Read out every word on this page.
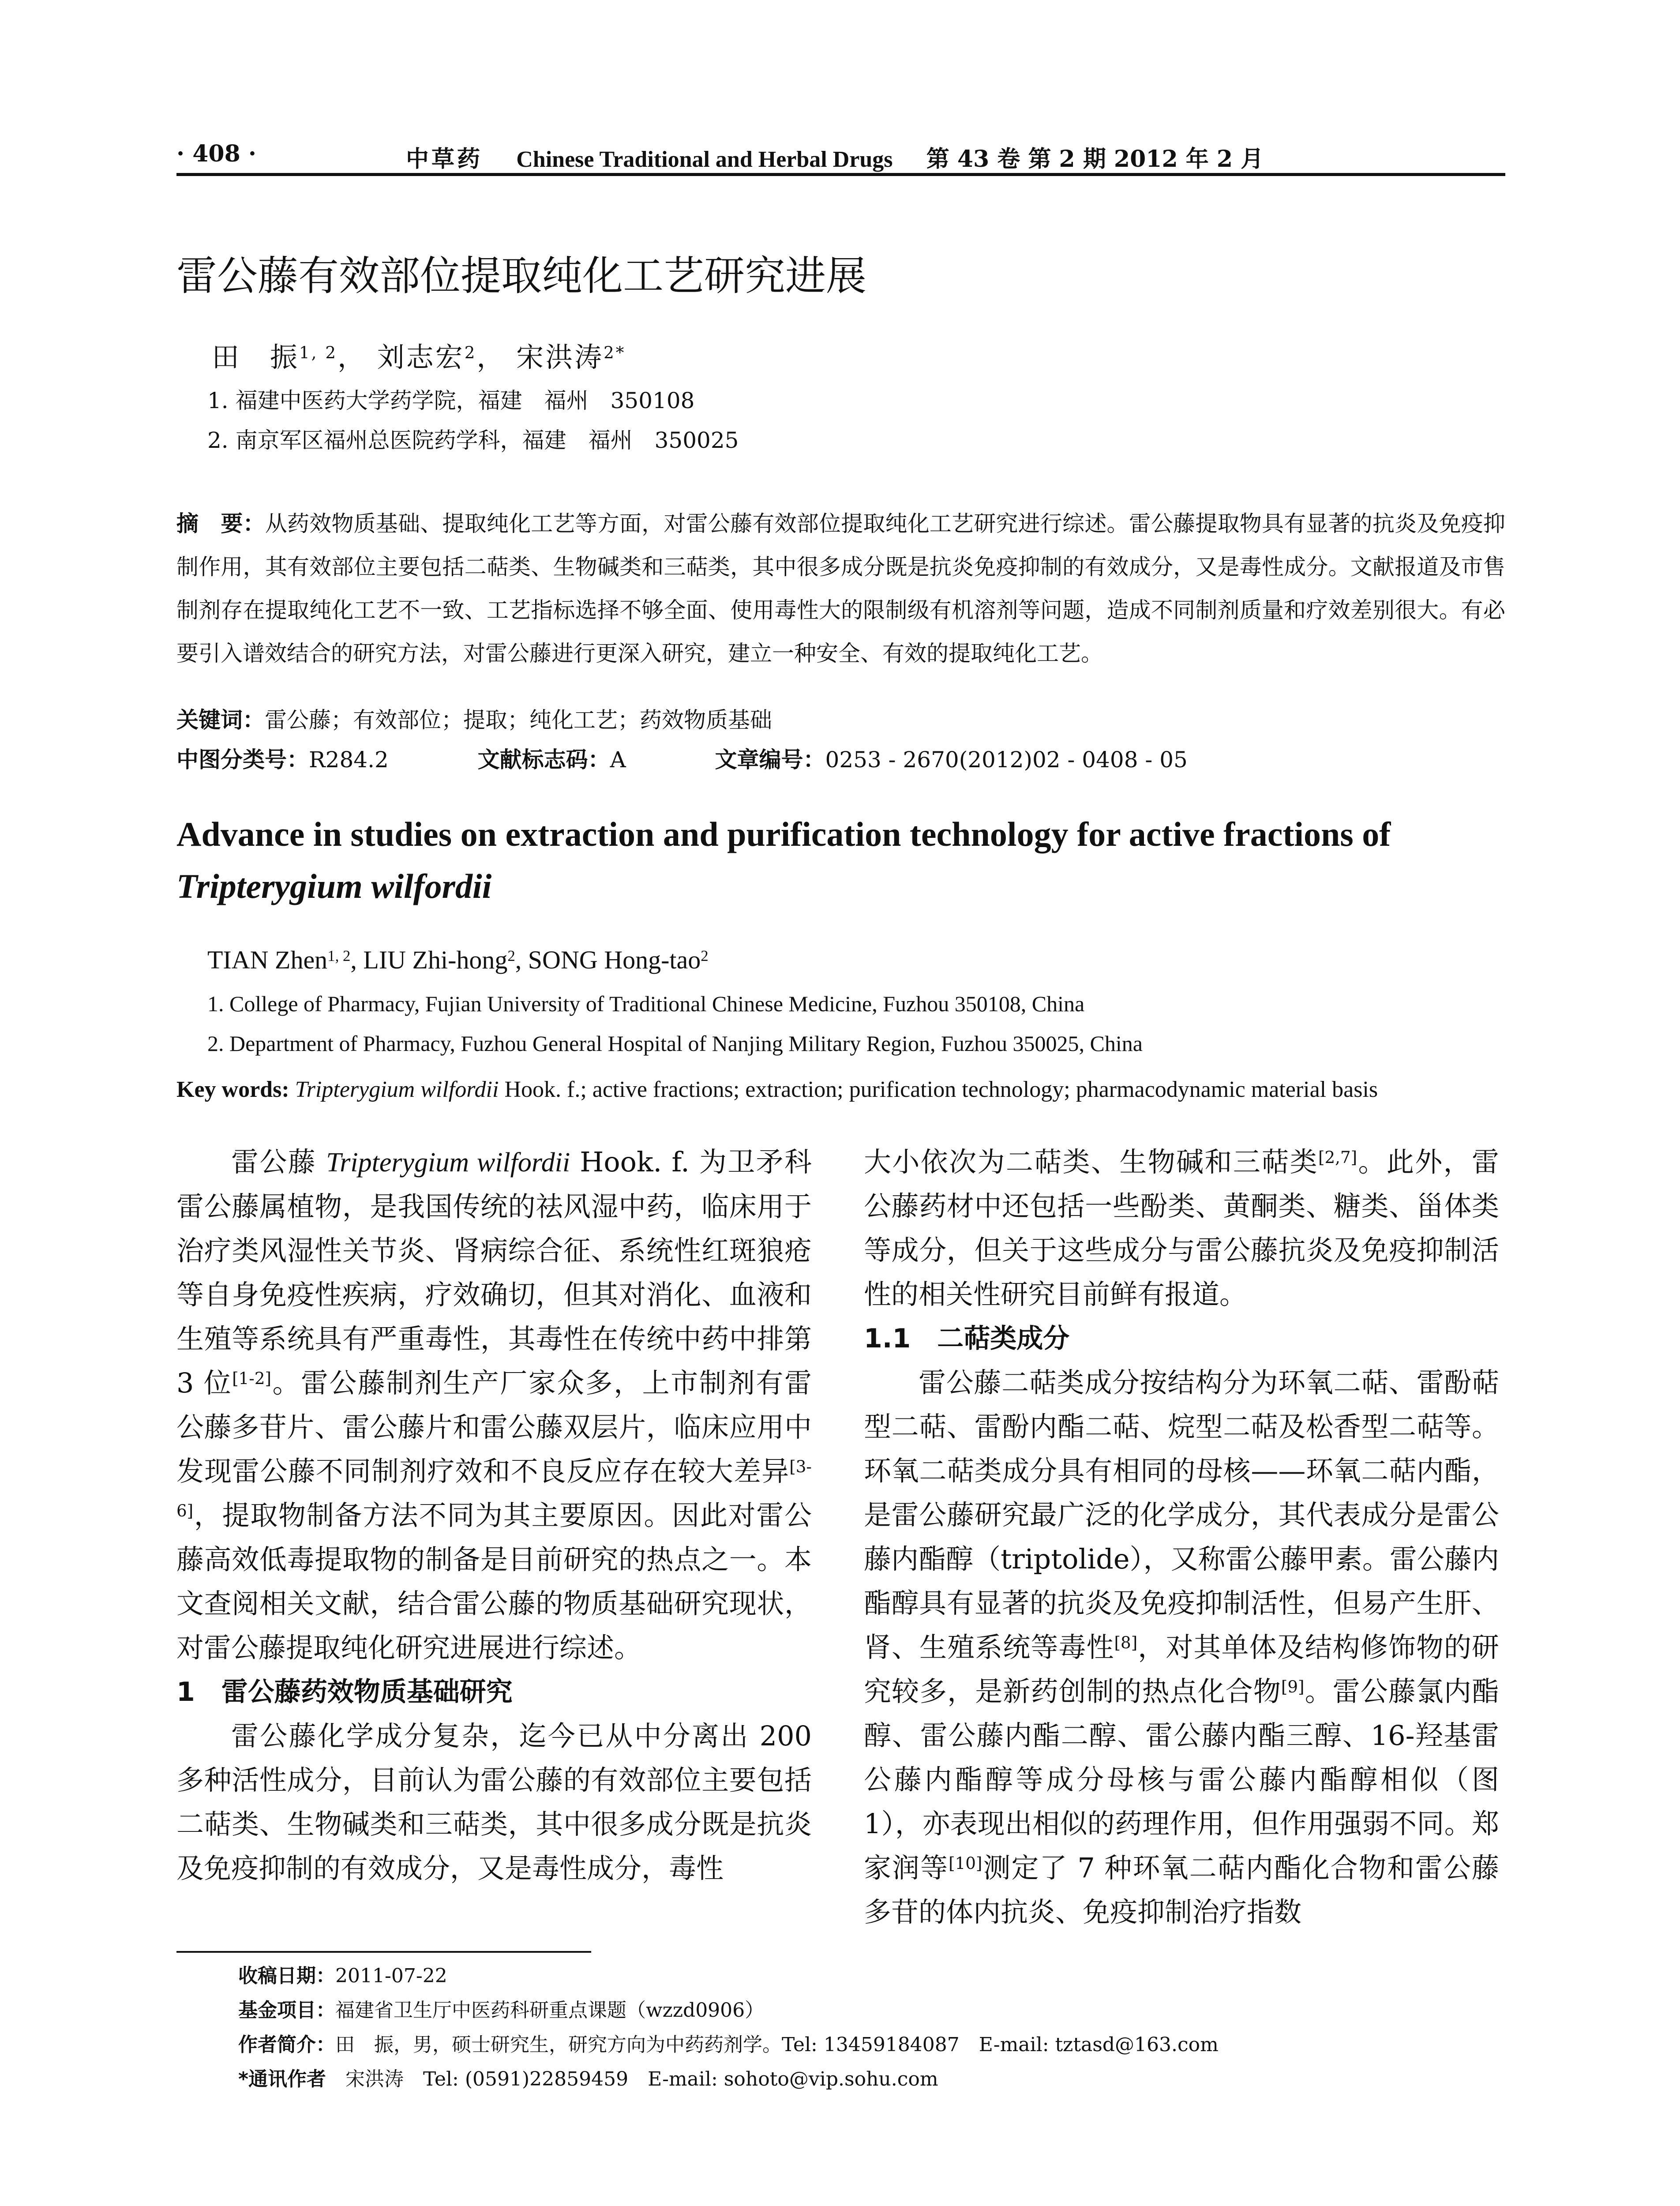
· 408 ·	中草药 Chinese Traditional and Herbal Drugs 第 43 卷 第 2 期 2012 年 2 月
雷公藤有效部位提取纯化工艺研究进展
田　振$^{1, 2}$， 刘志宏$^2$， 宋洪涛$^{2*}$
1. 福建中医药大学药学院，福建　福州　350108
2. 南京军区福州总医院药学科，福建　福州　350025
摘　要：从药效物质基础、提取纯化工艺等方面，对雷公藤有效部位提取纯化工艺研究进行综述。雷公藤提取物具有显著的抗炎及免疫抑制作用，其有效部位主要包括二萜类、生物碱类和三萜类，其中很多成分既是抗炎免疫抑制的有效成分，又是毒性成分。文献报道及市售制剂存在提取纯化工艺不一致、工艺指标选择不够全面、使用毒性大的限制级有机溶剂等问题，造成不同制剂质量和疗效差别很大。有必要引入谱效结合的研究方法，对雷公藤进行更深入研究，建立一种安全、有效的提取纯化工艺。
关键词：雷公藤；有效部位；提取；纯化工艺；药效物质基础
中图分类号：R284.2	文献标志码：A	文章编号：0253 - 2670(2012)02 - 0408 - 05
Advance in studies on extraction and purification technology for active fractions of Tripterygium wilfordii
TIAN Zhen$^{1, 2}$, LIU Zhi-hong$^2$, SONG Hong-tao$^2$
1. College of Pharmacy, Fujian University of Traditional Chinese Medicine, Fuzhou 350108, China
2. Department of Pharmacy, Fuzhou General Hospital of Nanjing Military Region, Fuzhou 350025, China
Key words: Tripterygium wilfordii Hook. f.; active fractions; extraction; purification technology; pharmacodynamic material basis

雷公藤 Tripterygium wilfordii Hook. f. 为卫矛科雷公藤属植物，是我国传统的祛风湿中药，临床用于治疗类风湿性关节炎、肾病综合征、系统性红斑狼疮等自身免疫性疾病，疗效确切，但其对消化、血液和生殖等系统具有严重毒性，其毒性在传统中药中排第 3 位[1-2]。雷公藤制剂生产厂家众多，上市制剂有雷公藤多苷片、雷公藤片和雷公藤双层片，临床应用中发现雷公藤不同制剂疗效和不良反应存在较大差异[3-6]，提取物制备方法不同为其主要原因。因此对雷公藤高效低毒提取物的制备是目前研究的热点之一。本文查阅相关文献，结合雷公藤的物质基础研究现状，对雷公藤提取纯化研究进展进行综述。

1　雷公藤药效物质基础研究

雷公藤化学成分复杂，迄今已从中分离出 200 多种活性成分，目前认为雷公藤的有效部位主要包括二萜类、生物碱类和三萜类，其中很多成分既是抗炎及免疫抑制的有效成分，又是毒性成分，毒性

大小依次为二萜类、生物碱和三萜类[2,7]。此外，雷公藤药材中还包括一些酚类、黄酮类、糖类、甾体类等成分，但关于这些成分与雷公藤抗炎及免疫抑制活性的相关性研究目前鲜有报道。

1.1　二萜类成分

雷公藤二萜类成分按结构分为环氧二萜、雷酚萜型二萜、雷酚内酯二萜、烷型二萜及松香型二萜等。环氧二萜类成分具有相同的母核——环氧二萜内酯，是雷公藤研究最广泛的化学成分，其代表成分是雷公藤内酯醇（triptolide），又称雷公藤甲素。雷公藤内酯醇具有显著的抗炎及免疫抑制活性，但易产生肝、肾、生殖系统等毒性[8]，对其单体及结构修饰物的研究较多，是新药创制的热点化合物[9]。雷公藤氯内酯醇、雷公藤内酯二醇、雷公藤内酯三醇、16-羟基雷公藤内酯醇等成分母核与雷公藤内酯醇相似（图 1），亦表现出相似的药理作用，但作用强弱不同。郑家润等[10]测定了 7 种环氧二萜内酯化合物和雷公藤多苷的体内抗炎、免疫抑制治疗指数

收稿日期：2011-07-22
基金项目：福建省卫生厅中医药科研重点课题（wzzd0906）
作者简介：田　振，男，硕士研究生，研究方向为中药药剂学。Tel: 13459184087　E-mail: tztasd@163.com
*通讯作者　宋洪涛　Tel: (0591)22859459　E-mail: sohoto@vip.sohu.com
